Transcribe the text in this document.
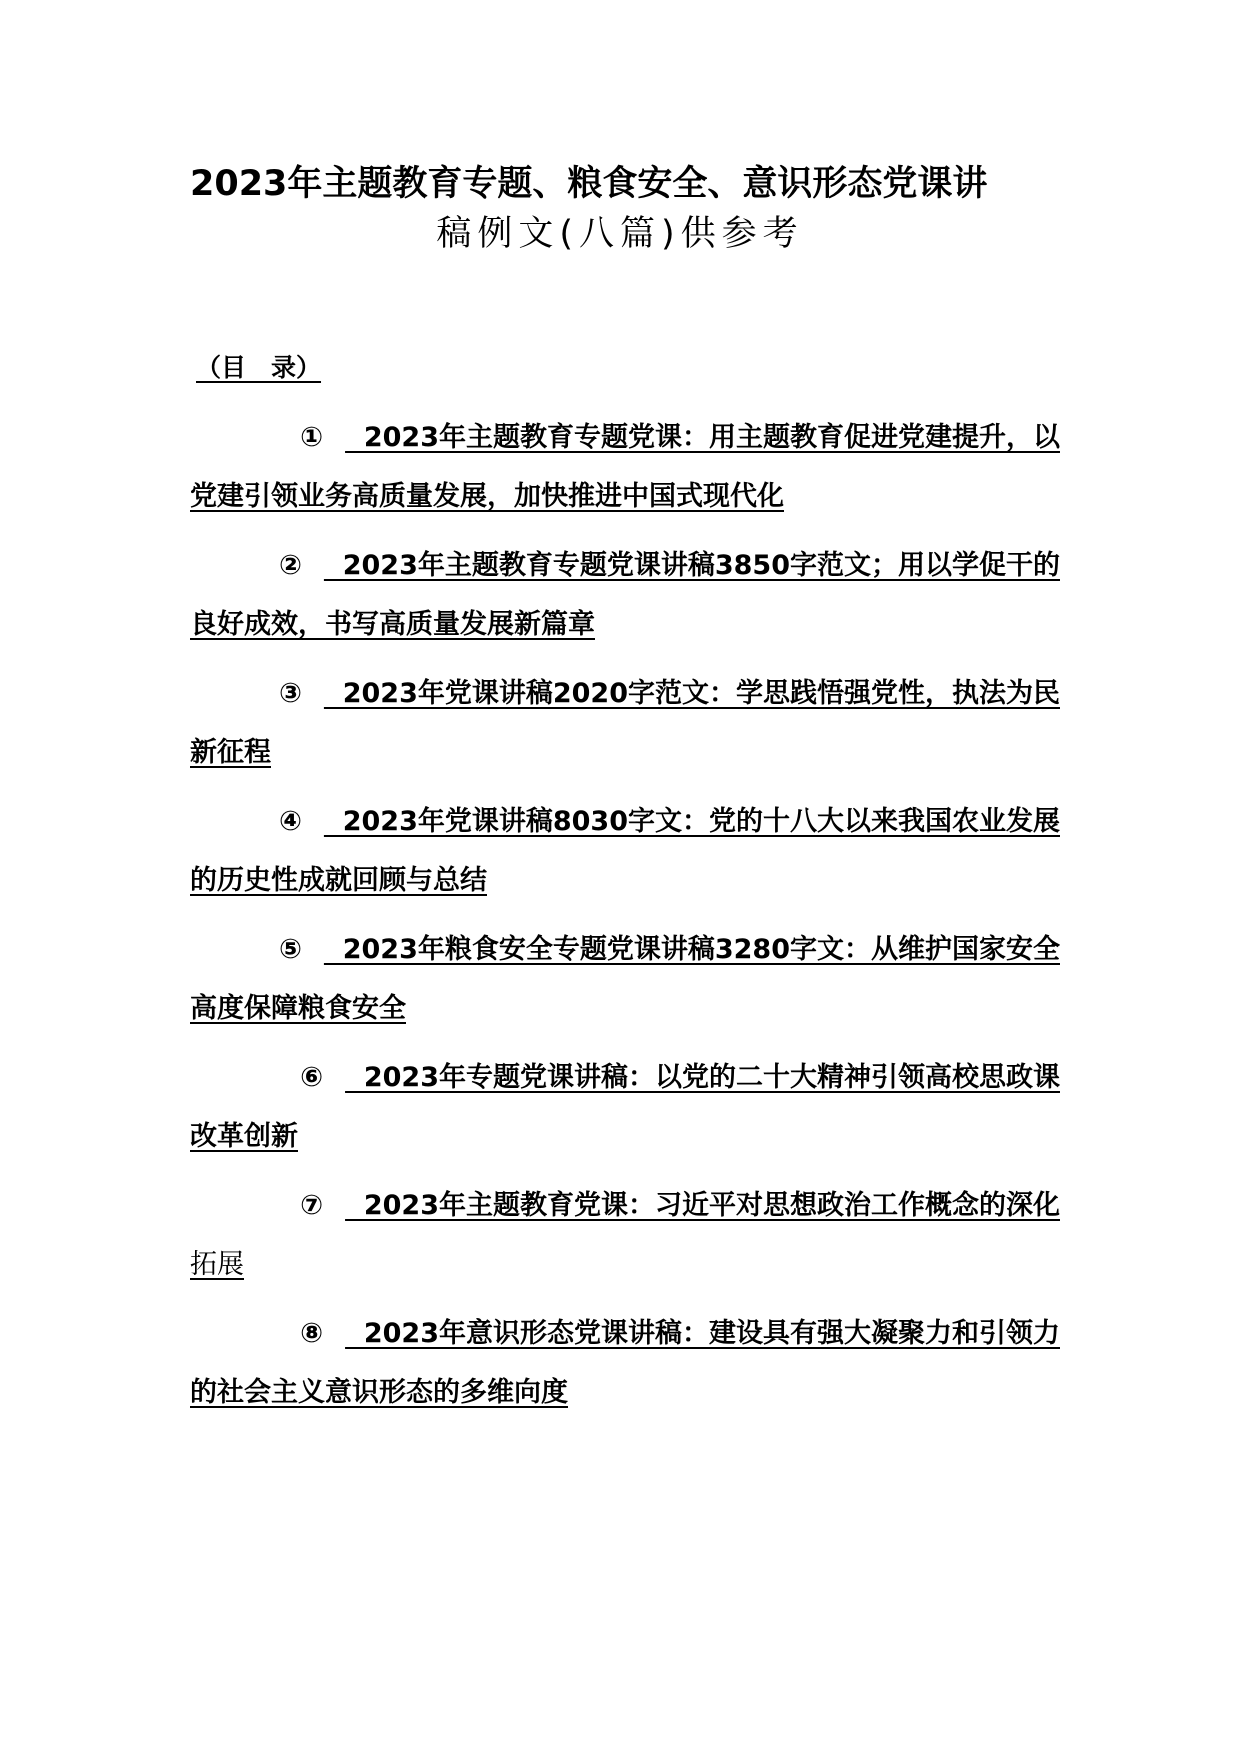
2023年主题教育专题、粮食安全、意识形态党课讲
稿例文(八篇)供参考
（目　录）
①  2023年主题教育专题党课：用主题教育促进党建提升，以
党建引领业务高质量发展，加快推进中国式现代化
②  2023年主题教育专题党课讲稿3850字范文；用以学促干的
良好成效，书写高质量发展新篇章
③  2023年党课讲稿2020字范文：学思践悟强党性，执法为民
新征程
④  2023年党课讲稿8030字文：党的十八大以来我国农业发展
的历史性成就回顾与总结
⑤  2023年粮食安全专题党课讲稿3280字文：从维护国家安全
高度保障粮食安全
⑥  2023年专题党课讲稿：以党的二十大精神引领高校思政课
改革创新
⑦  2023年主题教育党课：习近平对思想政治工作概念的深化
拓展
⑧  2023年意识形态党课讲稿：建设具有强大凝聚力和引领力
的社会主义意识形态的多维向度
